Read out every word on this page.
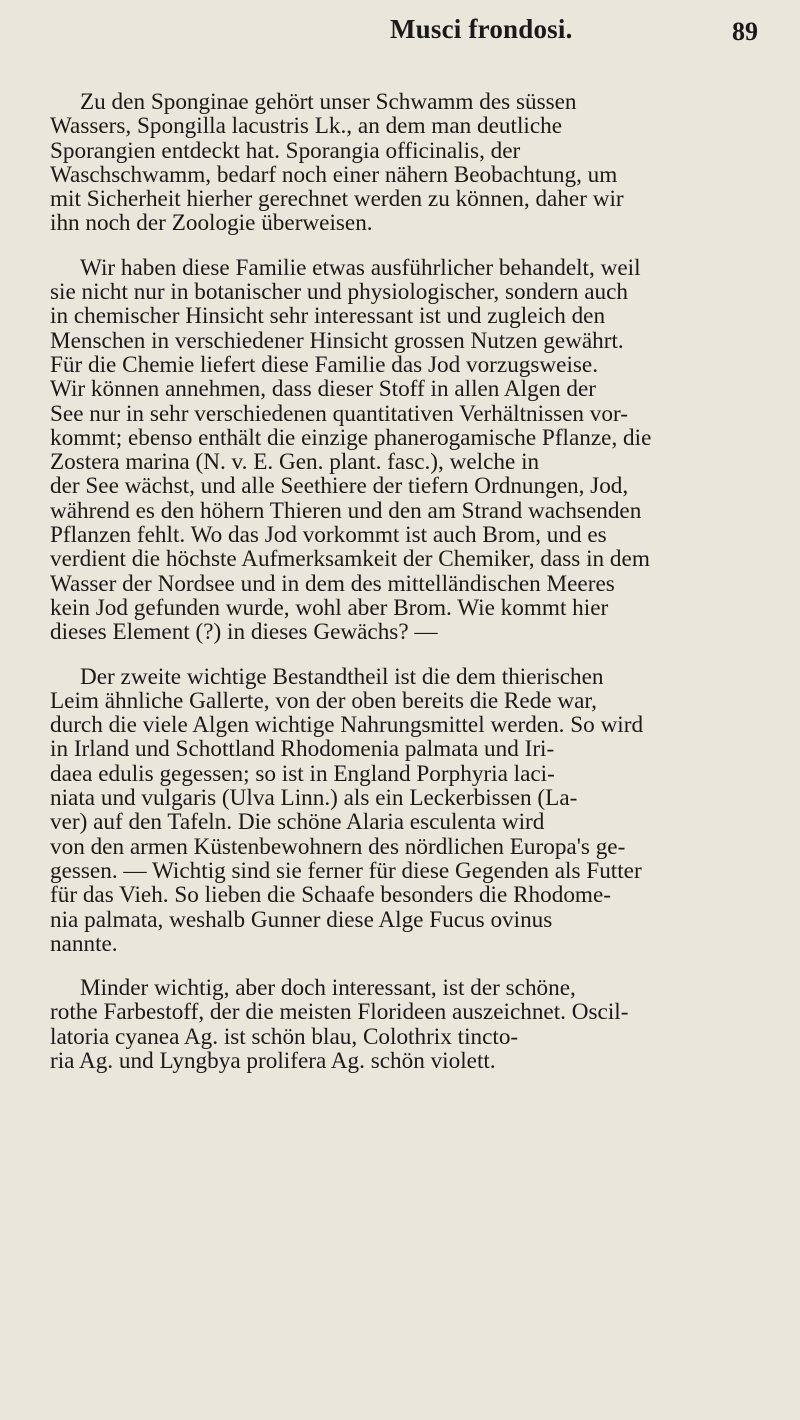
Musci frondosi.	89

Zu den Sponginae gehört unser Schwamm des süssen
Wassers, Spongilla lacustris Lk., an dem man deutliche
Sporangien entdeckt hat. Sporangia officinalis, der
Waschschwamm, bedarf noch einer nähern Beobachtung, um
mit Sicherheit hierher gerechnet werden zu können, daher wir
ihn noch der Zoologie überweisen.

Wir haben diese Familie etwas ausführlicher behandelt, weil
sie nicht nur in botanischer und physiologischer, sondern auch
in chemischer Hinsicht sehr interessant ist und zugleich den
Menschen in verschiedener Hinsicht grossen Nutzen gewährt.
Für die Chemie liefert diese Familie das Jod vorzugsweise.
Wir können annehmen, dass dieser Stoff in allen Algen der
See nur in sehr verschiedenen quantitativen Verhältnissen vor-
kommt; ebenso enthält die einzige phanerogamische Pflanze, die
Zostera marina (N. v. E. Gen. plant. fasc.), welche in
der See wächst, und alle Seethiere der tiefern Ordnungen, Jod,
während es den höhern Thieren und den am Strand wachsenden
Pflanzen fehlt. Wo das Jod vorkommt ist auch Brom, und es
verdient die höchste Aufmerksamkeit der Chemiker, dass in dem
Wasser der Nordsee und in dem des mittelländischen Meeres
kein Jod gefunden wurde, wohl aber Brom. Wie kommt hier
dieses Element (?) in dieses Gewächs? —

Der zweite wichtige Bestandtheil ist die dem thierischen
Leim ähnliche Gallerte, von der oben bereits die Rede war,
durch die viele Algen wichtige Nahrungsmittel werden. So wird
in Irland und Schottland Rhodomenia palmata und Iri-
daea edulis gegessen; so ist in England Porphyria laci-
niata und vulgaris (Ulva Linn.) als ein Leckerbissen (La-
ver) auf den Tafeln. Die schöne Alaria esculenta wird
von den armen Küstenbewohnern des nördlichen Europa's ge-
gessen. — Wichtig sind sie ferner für diese Gegenden als Futter
für das Vieh. So lieben die Schaafe besonders die Rhodome-
nia palmata, weshalb Gunner diese Alge Fucus ovinus
nannte.

Minder wichtig, aber doch interessant, ist der schöne,
rothe Farbestoff, der die meisten Florideen auszeichnet. Oscil-
latoria cyanea Ag. ist schön blau, Colothrix tincto-
ria Ag. und Lyngbya prolifera Ag. schön violett.
